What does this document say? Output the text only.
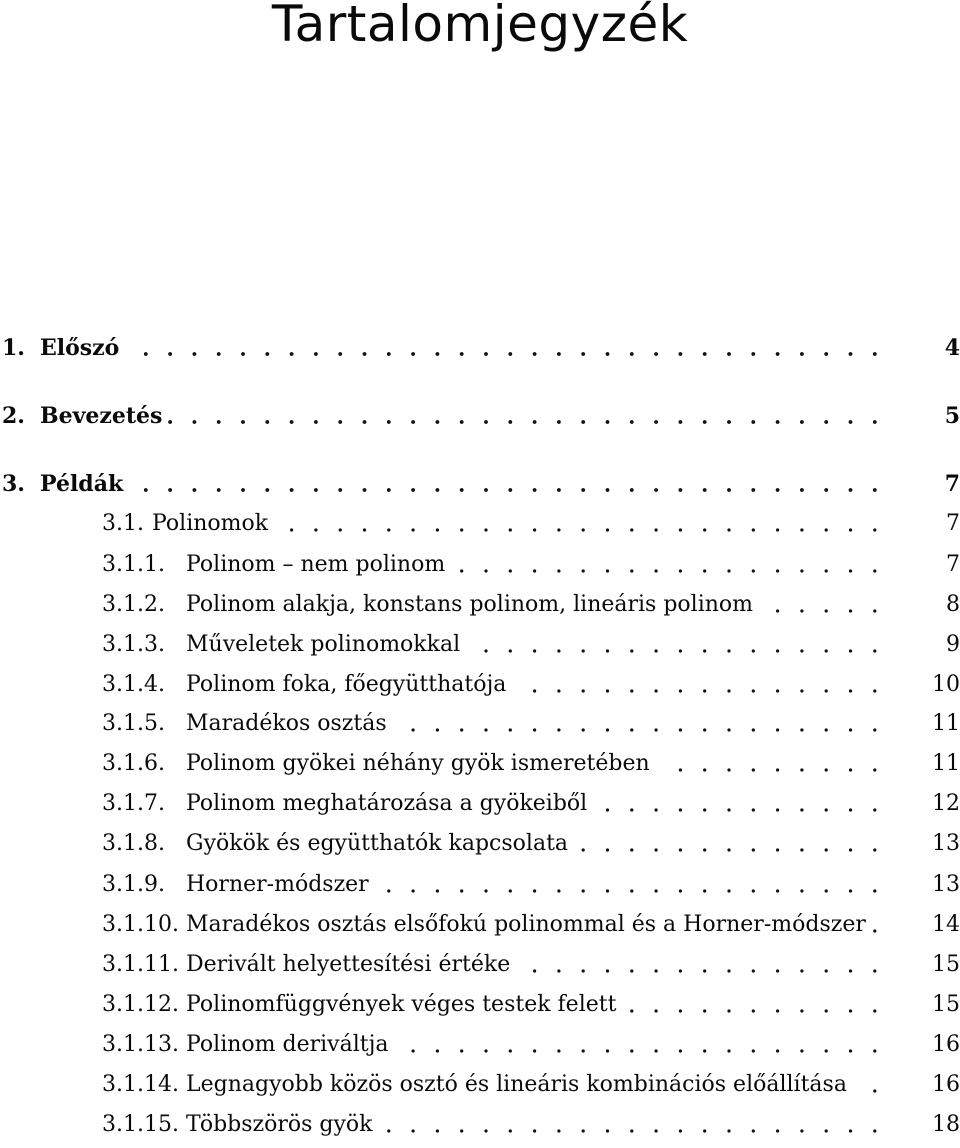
Tartalomjegyzék
1. Előszó	4
2. Bevezetés	5
3. Példák	7
3.1. Polinomok	7
3.1.1. Polinom – nem polinom	7
3.1.2. Polinom alakja, konstans polinom, lineáris polinom	8
3.1.3. Műveletek polinomokkal	9
3.1.4. Polinom foka, főegyütthatója	10
3.1.5. Maradékos osztás	11
3.1.6. Polinom gyökei néhány gyök ismeretében	11
3.1.7. Polinom meghatározása a gyökeiből	12
3.1.8. Gyökök és együtthatók kapcsolata	13
3.1.9. Horner-módszer	13
3.1.10. Maradékos osztás elsőfokú polinommal és a Horner-módszer	14
3.1.11. Derivált helyettesítési értéke	15
3.1.12. Polinomfüggvények véges testek felett	15
3.1.13. Polinom deriváltja	16
3.1.14. Legnagyobb közös osztó és lineáris kombinációs előállítása	16
3.1.15. Többszörös gyök	18
